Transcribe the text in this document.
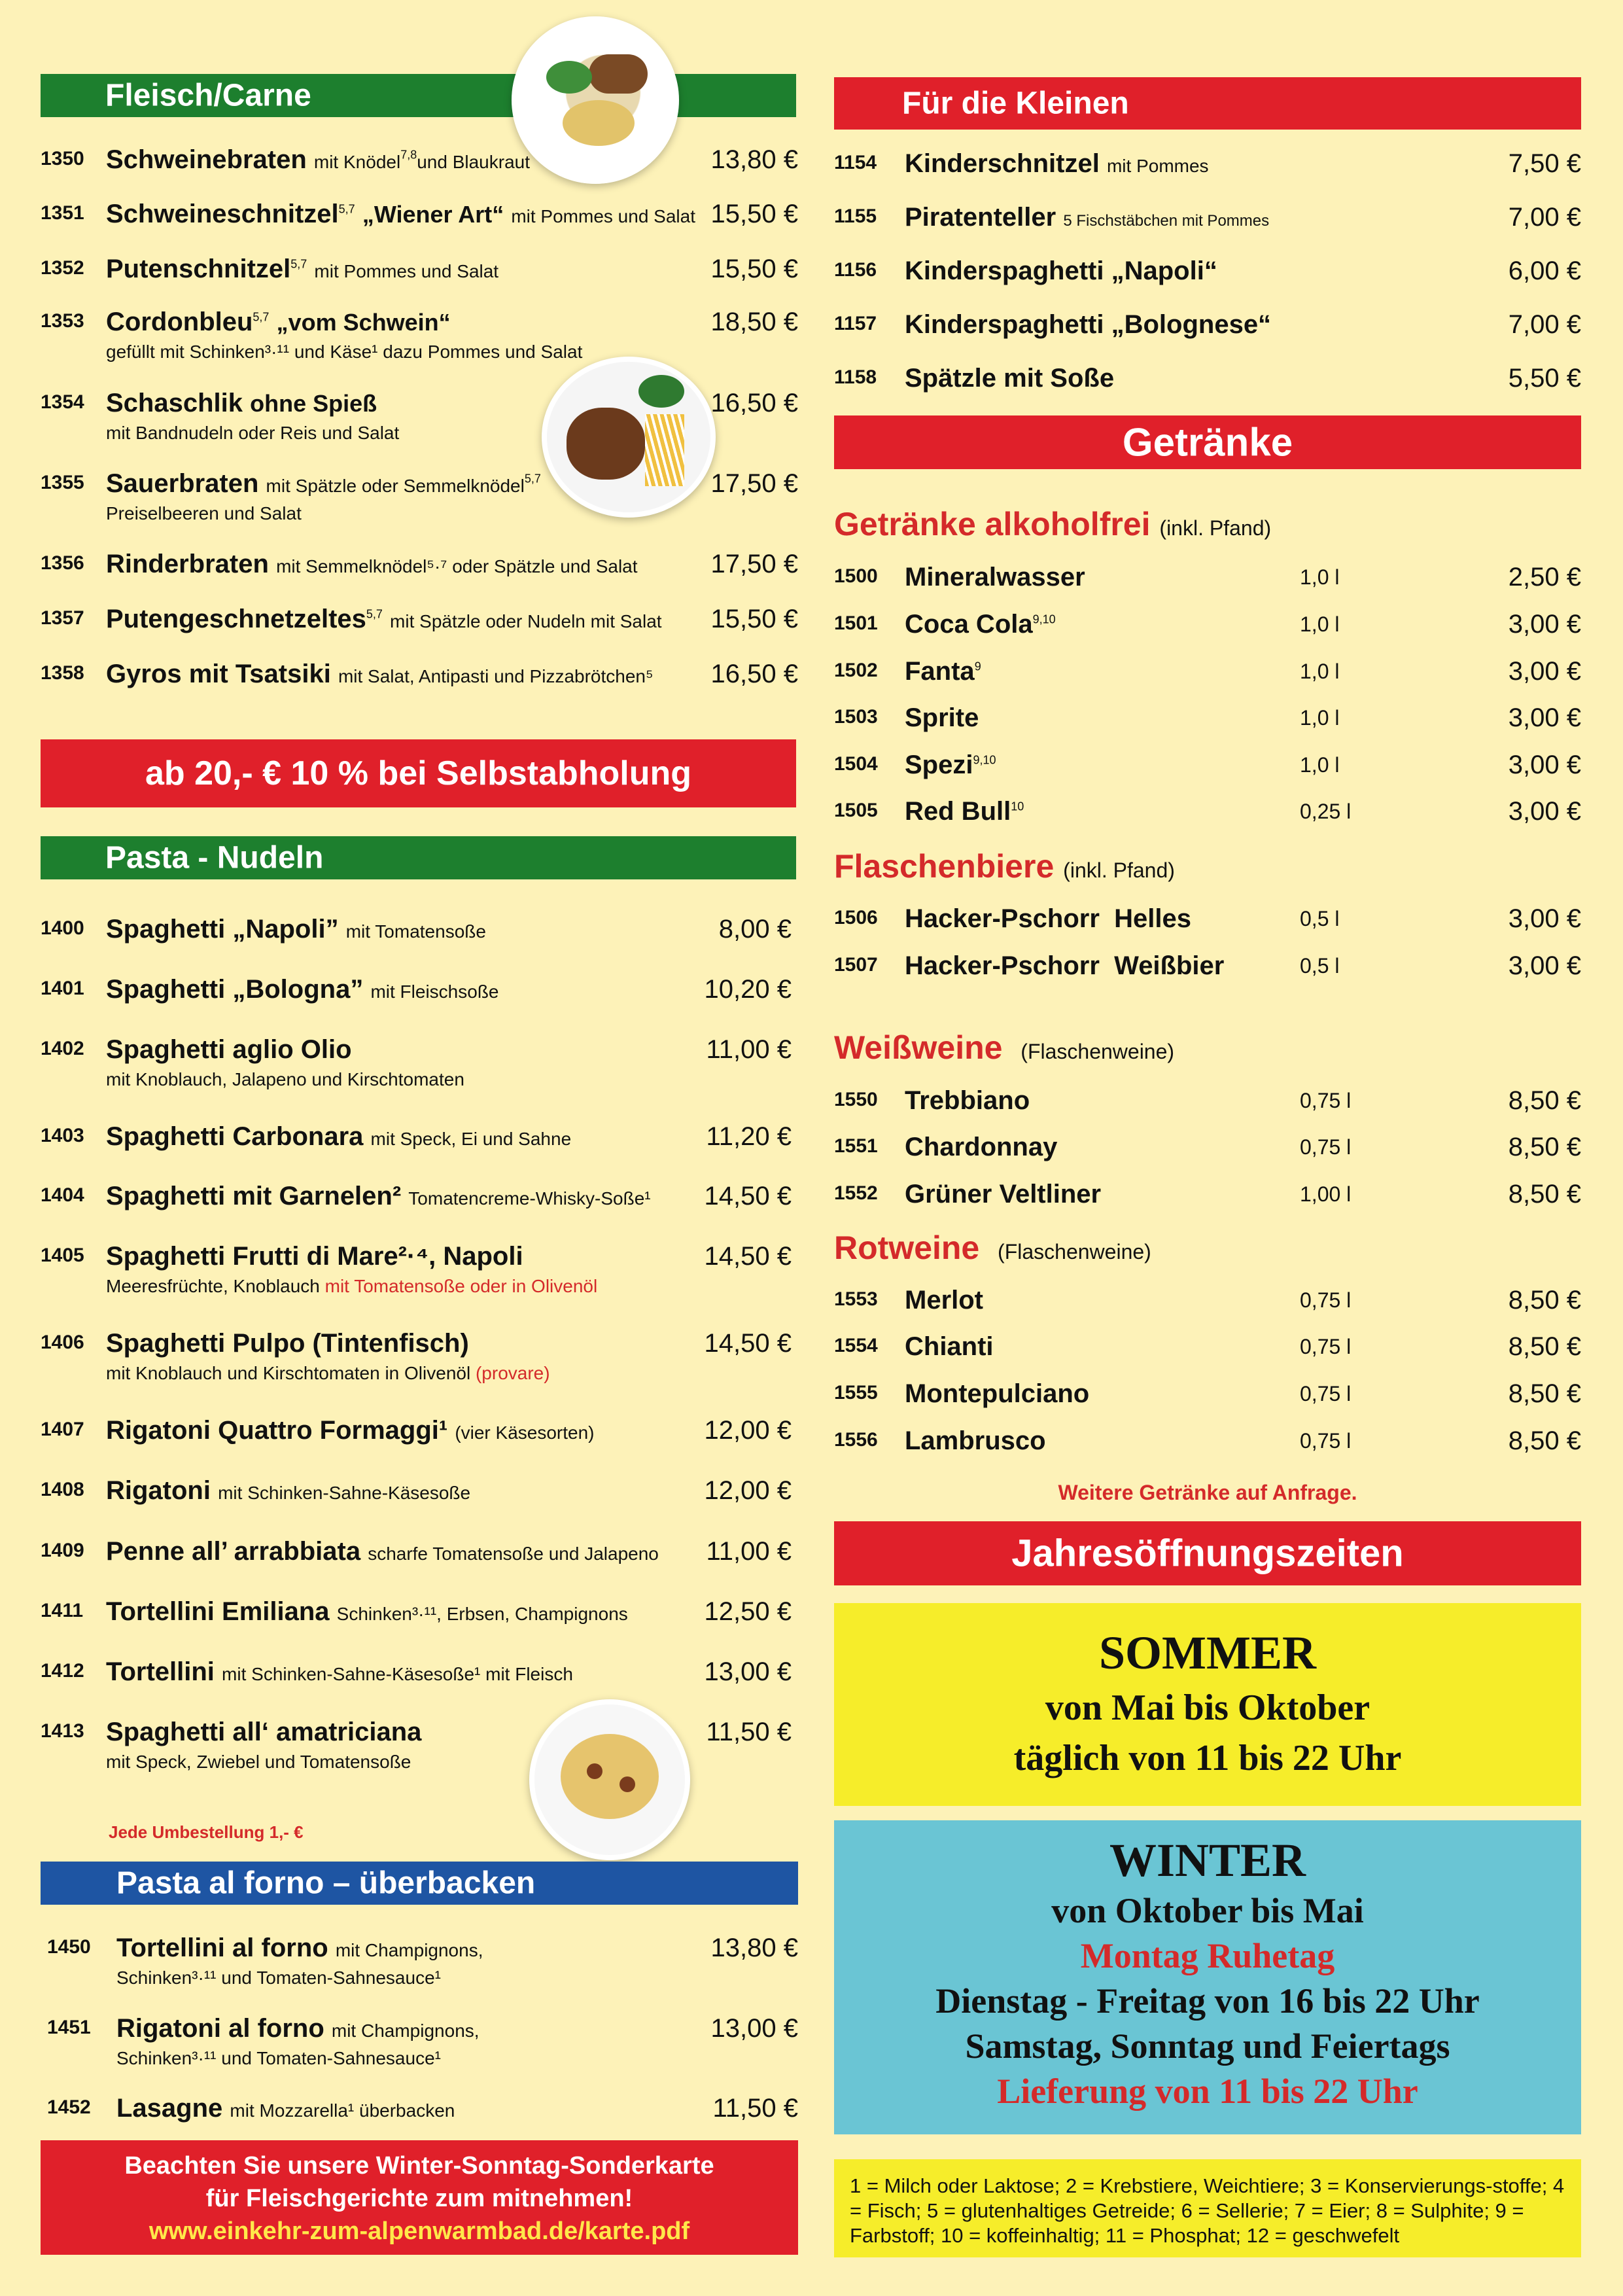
Fleisch/Carne
1350 Schweinebraten mit Knödel$^{7,8}$und Blaukraut	13,80 €
1351 Schweineschnitzel$^{5,7}$ „Wiener Art“ mit Pommes und Salat 15,50 €
1352 Putenschnitzel$^{5,7}$ mit Pommes und Salat	15,50 €
1353 Cordonbleu$^{5,7}$ „vom Schwein“
gefüllt mit Schinken³·¹¹ und Käse¹ dazu Pommes und Salat
18,50 €
1354 Schaschlik ohne Spieß
mit Bandnudeln oder Reis und Salat
16,50 €
1355 Sauerbraten mit Spätzle oder Semmelknödel$^{5,7}$
Preiselbeeren und Salat
17,50 €
1356 Rinderbraten mit Semmelknödel⁵·⁷ oder Spätzle und Salat	17,50 €
1357 Putengeschnetzeltes$^{5,7}$ mit Spätzle oder Nudeln mit Salat 15,50 €
1358 Gyros mit Tsatsiki mit Salat, Antipasti und Pizzabrötchen⁵ 16,50 €
ab 20,- € 10 % bei Selbstabholung
Pasta - Nudeln
1400 Spaghetti „Napoli” mit Tomatensoße	8,00 €
1401 Spaghetti „Bologna” mit Fleischsoße	10,20 €
1402 Spaghetti aglio Olio
mit Knoblauch, Jalapeno und Kirschtomaten
11,00 €
1403 Spaghetti Carbonara mit Speck, Ei und Sahne	11,20 €
1404 Spaghetti mit Garnelen² Tomatencreme-Whisky-Soße¹ 14,50 €
1405 Spaghetti Frutti di Mare²·⁴, Napoli
Meeresfrüchte, Knoblauch mit Tomatensoße oder in Olivenöl
14,50 €
1406 Spaghetti Pulpo (Tintenfisch)
mit Knoblauch und Kirschtomaten in Olivenöl (provare)
14,50 €
1407 Rigatoni Quattro Formaggi¹ (vier Käsesorten)	12,00 €
1408 Rigatoni mit Schinken-Sahne-Käsesoße	12,00 €
1409 Penne all’ arrabbiata scharfe Tomatensoße und Jalapeno 11,00 €
1411 Tortellini Emiliana Schinken³·¹¹, Erbsen, Champignons	12,50 €
1412 Tortellini mit Schinken-Sahne-Käsesoße¹ mit Fleisch	13,00 €
1413 Spaghetti all‘ amatriciana
mit Speck, Zwiebel und Tomatensoße
11,50 €
Jede Umbestellung 1,- €
Pasta al forno – überbacken
1450 Tortellini al forno mit Champignons,
Schinken³·¹¹ und Tomaten-Sahnesauce¹
13,80 €
1451 Rigatoni al forno mit Champignons,
Schinken³·¹¹ und Tomaten-Sahnesauce¹
13,00 €
1452 Lasagne mit Mozzarella¹ überbacken	11,50 €
Beachten Sie unsere Winter-Sonntag-Sonderkarte
für Fleischgerichte zum mitnehmen!
www.einkehr-zum-alpenwarmbad.de/karte.pdf
Für die Kleinen
1154 Kinderschnitzel mit Pommes	7,50 €
1155 Piratenteller 5 Fischstäbchen mit Pommes	7,00 €
1156 Kinderspaghetti „Napoli“	6,00 €
1157 Kinderspaghetti „Bolognese“	7,00 €
1158 Spätzle mit Soße	5,50 €
Getränke
Getränke alkoholfrei (inkl. Pfand)
1500 Mineralwasser	1,0 l	2,50 €
1501 Coca Cola$^{9,10}$	1,0 l	3,00 €
1502 Fanta$^9$	1,0 l	3,00 €
1503 Sprite	1,0 l	3,00 €
1504 Spezi$^{9,10}$	1,0 l	3,00 €
1505 Red Bull$^{10}$	0,25 l	3,00 €
Flaschenbiere (inkl. Pfand)
1506 Hacker-Pschorr  Helles	0,5 l	3,00 €
1507 Hacker-Pschorr  Weißbier	0,5 l	3,00 €
Weißweine (Flaschenweine)
1550 Trebbiano	0,75 l	8,50 €
1551 Chardonnay	0,75 l	8,50 €
1552 Grüner Veltliner	1,00 l	8,50 €
Rotweine (Flaschenweine)
1553 Merlot	0,75 l	8,50 €
1554 Chianti	0,75 l	8,50 €
1555 Montepulciano	0,75 l	8,50 €
1556 Lambrusco	0,75 l	8,50 €
Weitere Getränke auf Anfrage.
Jahresöffnungszeiten
SOMMER
von Mai bis Oktober
täglich von 11 bis 22 Uhr
WINTER
von Oktober bis Mai
Montag Ruhetag
Dienstag - Freitag von 16 bis 22 Uhr
Samstag, Sonntag und Feiertags
Lieferung von 11 bis 22 Uhr
1 = Milch oder Laktose; 2 = Krebstiere, Weichtiere; 3 = Konservierungs-stoffe; 4 = Fisch; 5 = glutenhaltiges Getreide; 6 = Sellerie; 7 = Eier; 8 = Sulphite; 9 = Farbstoff; 10 = koffeinhaltig; 11 = Phosphat; 12 = geschwefelt
